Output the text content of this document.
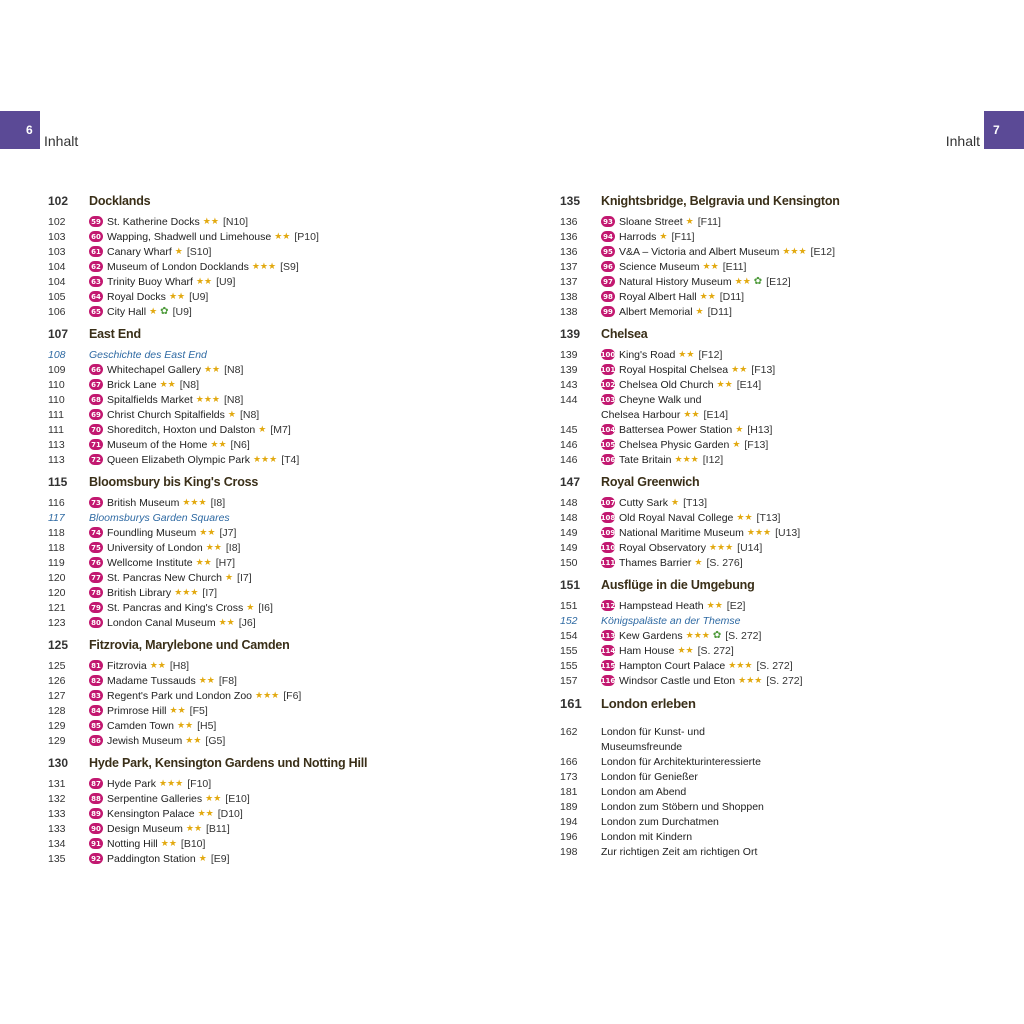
6
Inhalt	Inhalt
7
102	Docklands
102	59 St. Katherine Docks ★★ [N10]
103	60 Wapping, Shadwell und Limehouse ★★ [P10]
103	61 Canary Wharf ★ [S10]
104	62 Museum of London Docklands ★★★ [S9]
104	63 Trinity Buoy Wharf ★★ [U9]
105	64 Royal Docks ★★ [U9]
106	65 City Hall ★ ✿ [U9]
107	East End
108	Geschichte des East End
109	66 Whitechapel Gallery ★★ [N8]
110	67 Brick Lane ★★ [N8]
110	68 Spitalfields Market ★★★ [N8]
111	69 Christ Church Spitalfields ★ [N8]
111	70 Shoreditch, Hoxton und Dalston ★ [M7]
113	71 Museum of the Home ★★ [N6]
113	72 Queen Elizabeth Olympic Park ★★★ [T4]
115	Bloomsbury bis King's Cross
116	73 British Museum ★★★ [I8]
117	Bloomsburys Garden Squares
118	74 Foundling Museum ★★ [J7]
118	75 University of London ★★ [I8]
119	76 Wellcome Institute ★★ [H7]
120	77 St. Pancras New Church ★ [I7]
120	78 British Library ★★★ [I7]
121	79 St. Pancras and King's Cross ★ [I6]
123	80 London Canal Museum ★★ [J6]
125	Fitzrovia, Marylebone und Camden
125	81 Fitzrovia ★★ [H8]
126	82 Madame Tussauds ★★ [F8]
127	83 Regent's Park und London Zoo ★★★ [F6]
128	84 Primrose Hill ★★ [F5]
129	85 Camden Town ★★ [H5]
129	86 Jewish Museum ★★ [G5]
130	Hyde Park, Kensington Gardens und Notting Hill
131	87 Hyde Park ★★★ [F10]
132	88 Serpentine Galleries ★★ [E10]
133	89 Kensington Palace ★★ [D10]
133	90 Design Museum ★★ [B11]
134	91 Notting Hill ★★ [B10]
135	92 Paddington Station ★ [E9]
135	Knightsbridge, Belgravia und Kensington
136	93 Sloane Street ★ [F11]
136	94 Harrods ★ [F11]
136	95 V&A – Victoria and Albert Museum ★★★ [E12]
137	96 Science Museum ★★ [E11]
137	97 Natural History Museum ★★ ✿ [E12]
138	98 Royal Albert Hall ★★ [D11]
138	99 Albert Memorial ★ [D11]
139	Chelsea
139	100 King's Road ★★ [F12]
139	101 Royal Hospital Chelsea ★★ [F13]
143	102 Chelsea Old Church ★★ [E14]
144	103 Cheyne Walk und
Chelsea Harbour ★★ [E14]
145	104 Battersea Power Station ★ [H13]
146	105 Chelsea Physic Garden ★ [F13]
146	106 Tate Britain ★★★ [I12]
147	Royal Greenwich
148	107 Cutty Sark ★ [T13]
148	108 Old Royal Naval College ★★ [T13]
149	109 National Maritime Museum ★★★ [U13]
149	110 Royal Observatory ★★★ [U14]
150	111 Thames Barrier ★ [S. 276]
151	Ausflüge in die Umgebung
151	112 Hampstead Heath ★★ [E2]
152	Königspaläste an der Themse
154	113 Kew Gardens ★★★ ✿ [S. 272]
155	114 Ham House ★★ [S. 272]
155	115 Hampton Court Palace ★★★ [S. 272]
157	116 Windsor Castle und Eton ★★★ [S. 272]
161	London erleben
162	London für Kunst- und
Museumsfreunde
166	London für Architekturinteressierte
173	London für Genießer
181	London am Abend
189	London zum Stöbern und Shoppen
194	London zum Durchatmen
196	London mit Kindern
198	Zur richtigen Zeit am richtigen Ort
